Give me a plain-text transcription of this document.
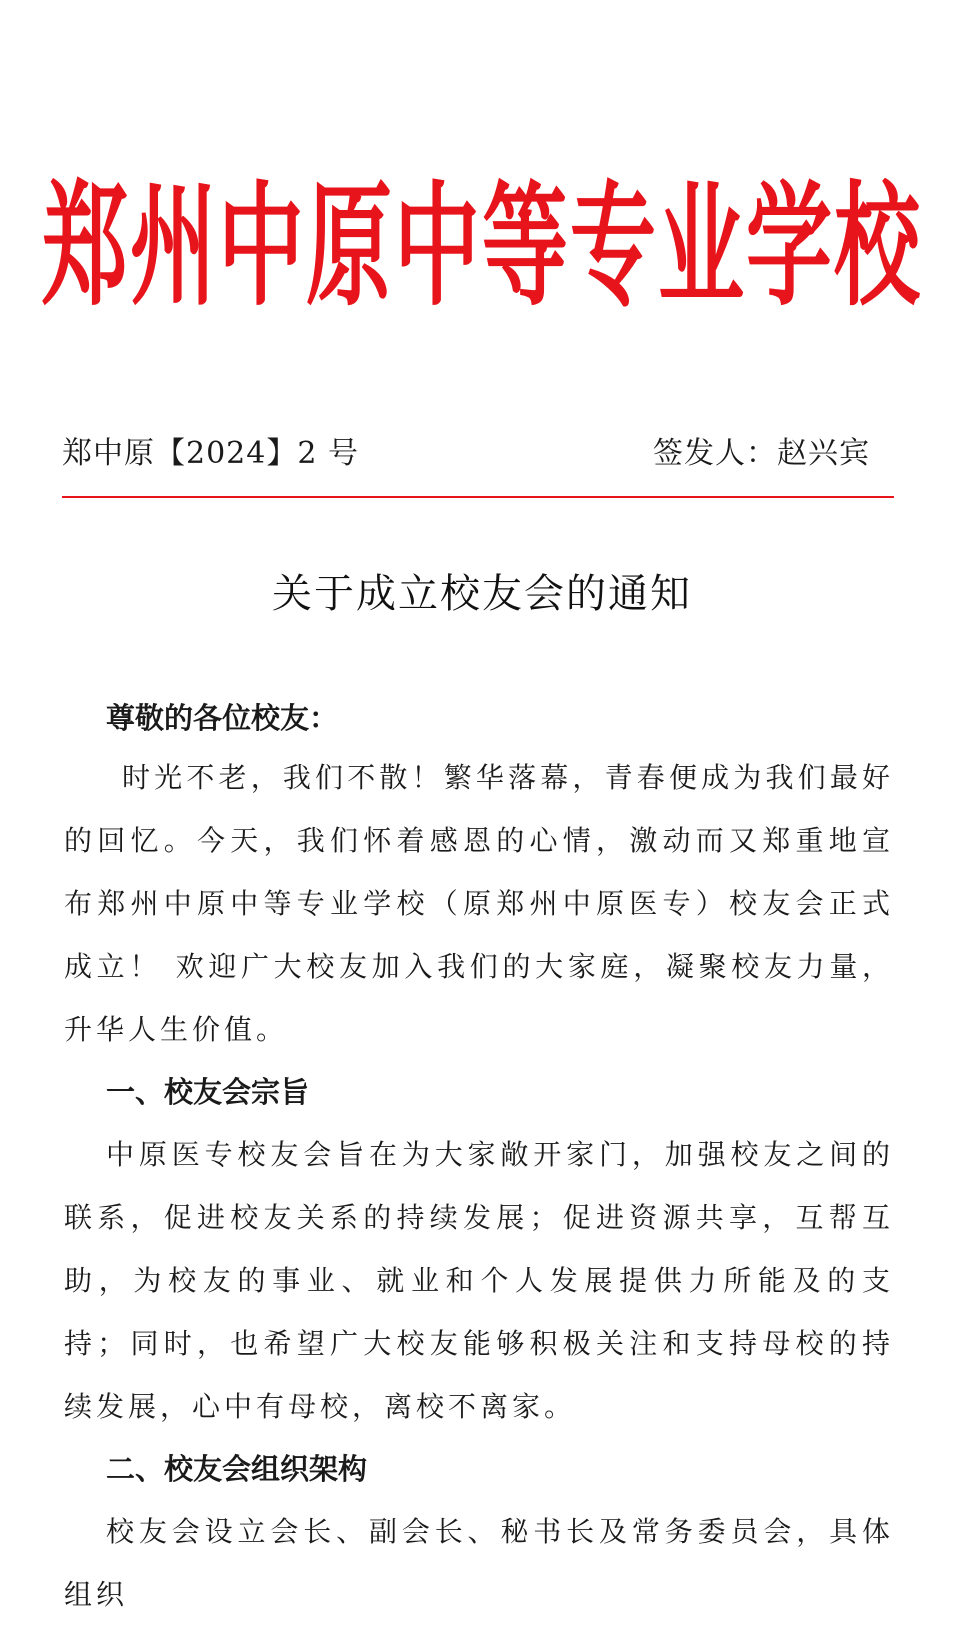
郑州中原中等专业学校
郑中原【2024】2 号	签发人：赵兴宾
关于成立校友会的通知
尊敬的各位校友：

时光不老，我们不散！繁华落幕，青春便成为我们最好的回忆。今天，我们怀着感恩的心情，激动而又郑重地宣布郑州中原中等专业学校（原郑州中原医专）校友会正式成立！ 欢迎广大校友加入我们的大家庭，凝聚校友力量，升华人生价值。

一、校友会宗旨

中原医专校友会旨在为大家敞开家门，加强校友之间的联系，促进校友关系的持续发展；促进资源共享，互帮互助，为校友的事业、就业和个人发展提供力所能及的支持；同时，也希望广大校友能够积极关注和支持母校的持续发展，心中有母校，离校不离家。

二、校友会组织架构

校友会设立会长、副会长、秘书长及常务委员会，具体组织
